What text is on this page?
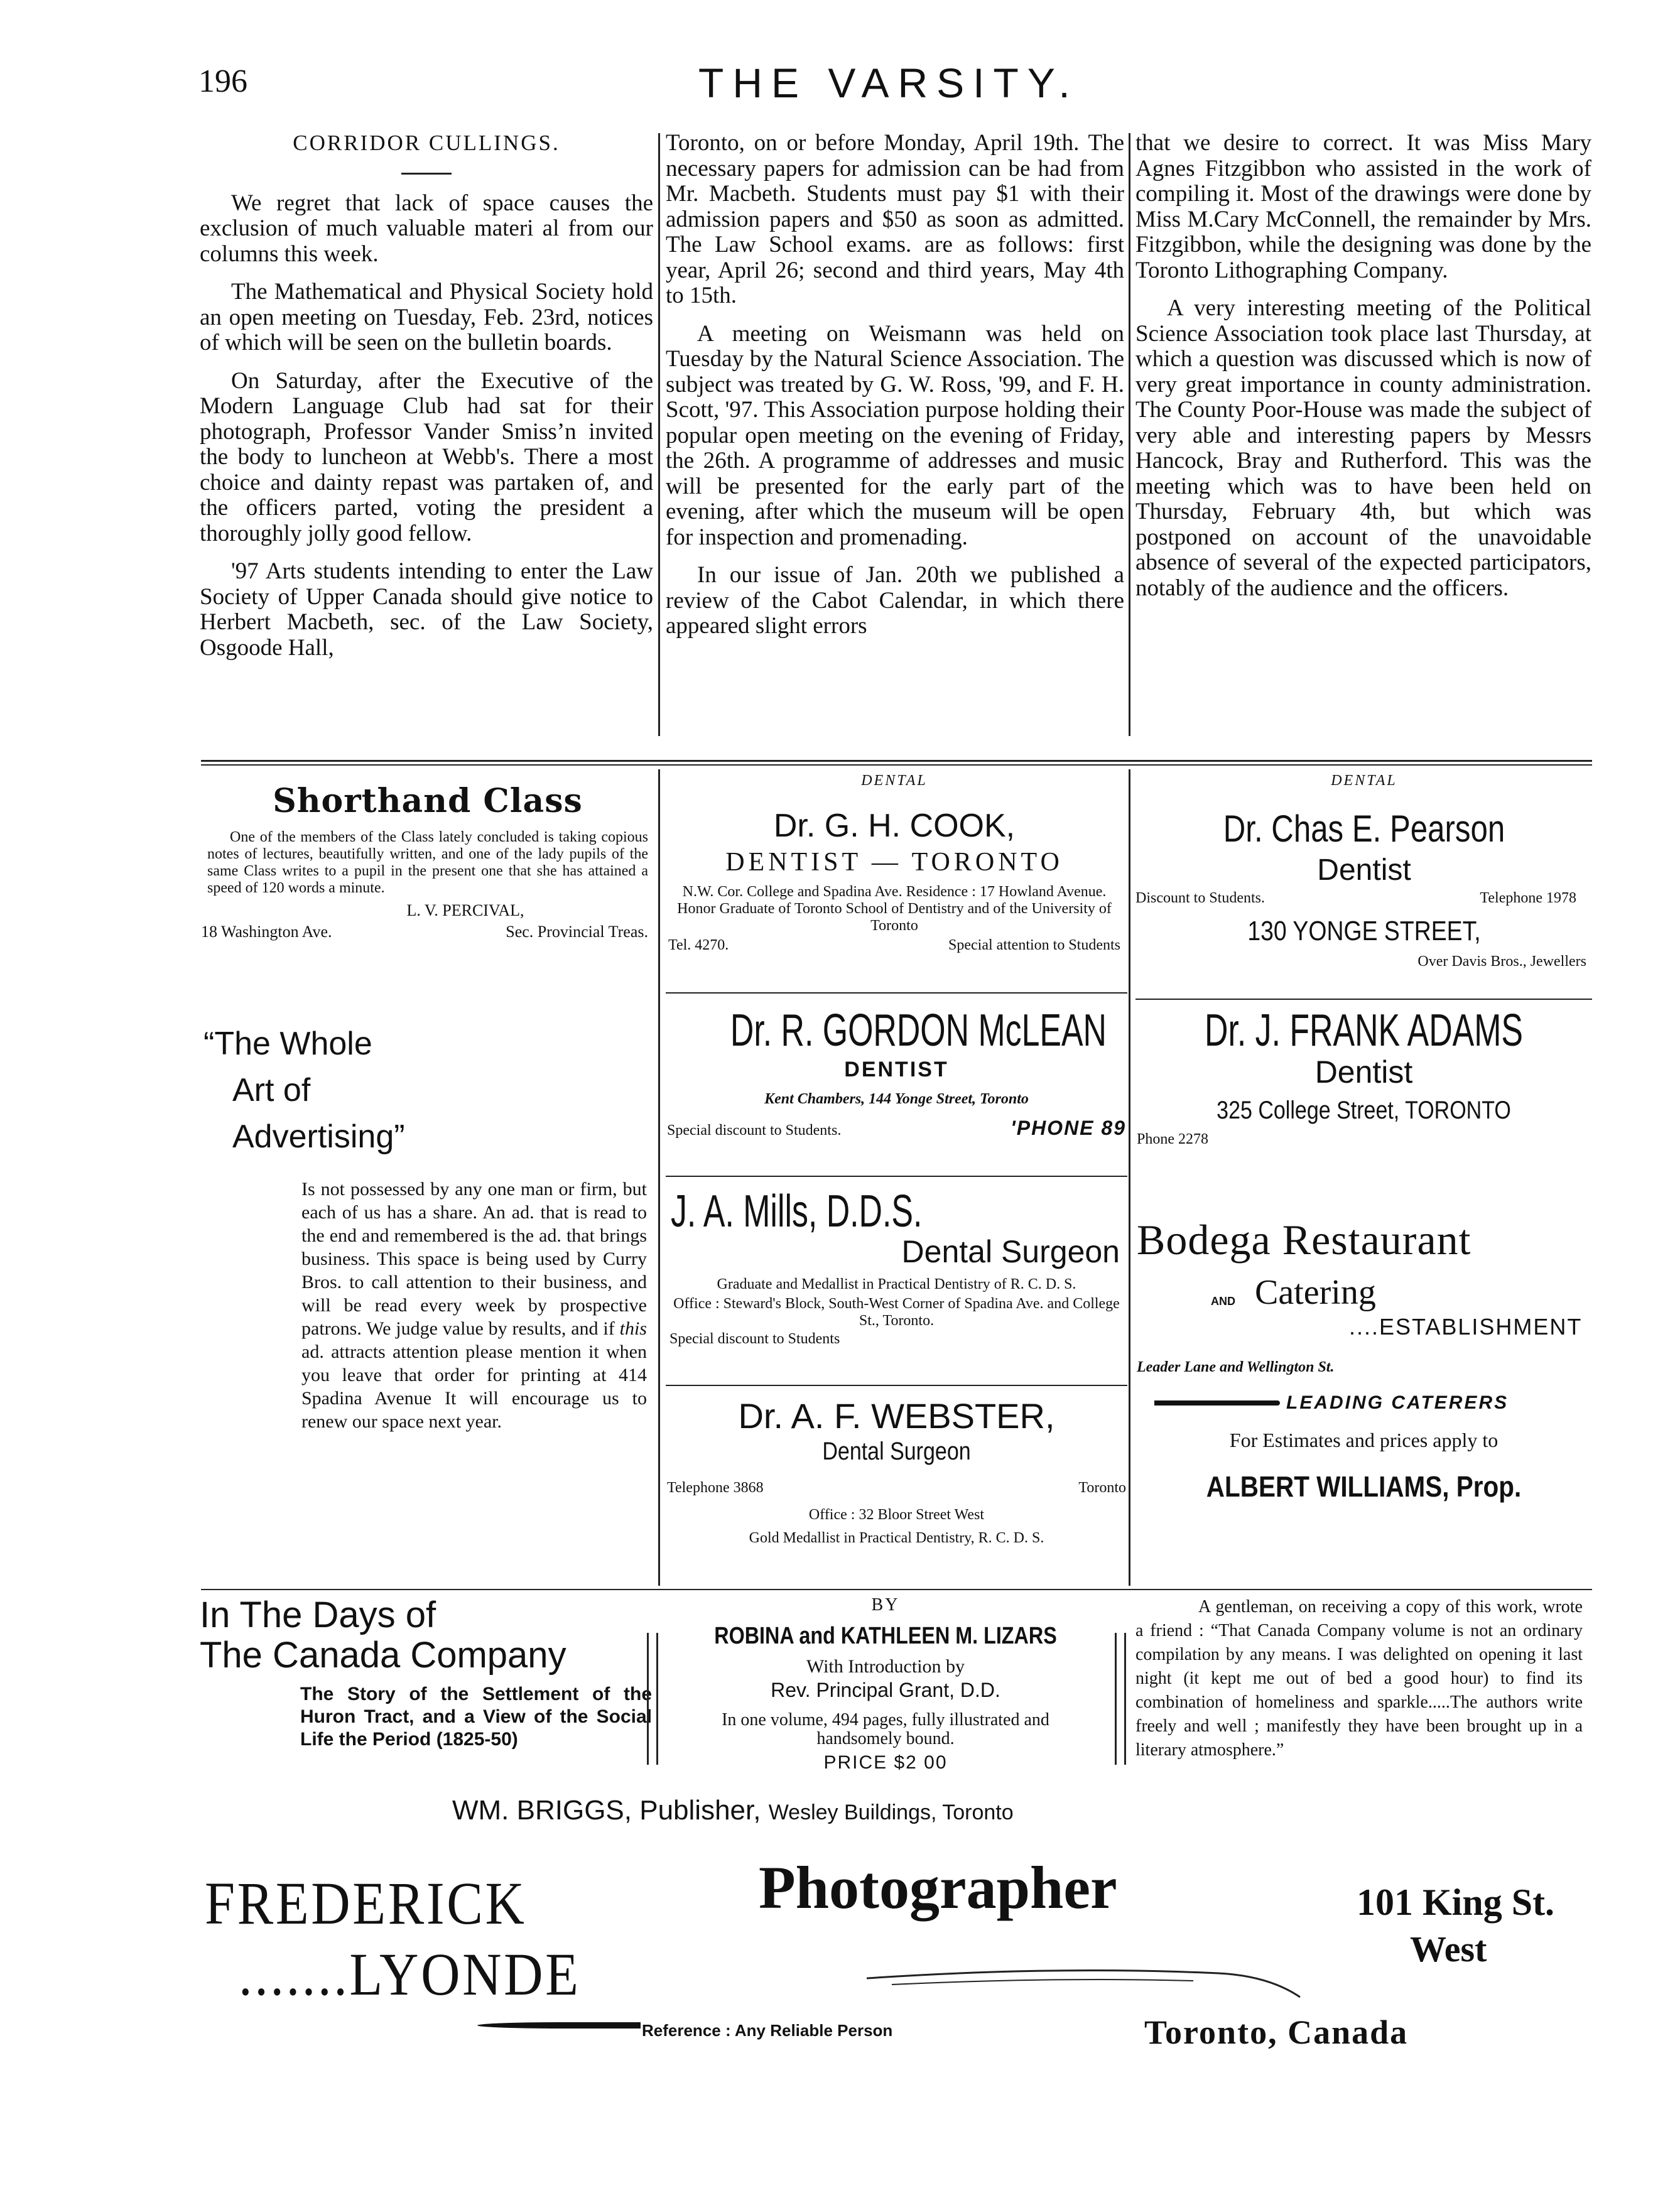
196	THE VARSITY.
CORRIDOR CULLINGS.

We regret that lack of space causes the exclusion of much valuable materi al from our columns this week.

The Mathematical and Physical Society hold an open meeting on Tuesday, Feb. 23rd, notices of which will be seen on the bulletin boards.

On Saturday, after the Executive of the Modern Language Club had sat for their photograph, Professor Vander Smiss’n invited the body to luncheon at Webb's. There a most choice and dainty repast was partaken of, and the officers parted, voting the president a thoroughly jolly good fellow.

'97 Arts students intending to enter the Law Society of Upper Canada should give notice to Herbert Macbeth, sec. of the Law Society, Osgoode Hall,

Toronto, on or before Monday, April 19th. The necessary papers for admission can be had from Mr. Macbeth. Students must pay $1 with their admission papers and $50 as soon as admitted. The Law School exams. are as follows: first year, April 26; second and third years, May 4th to 15th.

A meeting on Weismann was held on Tuesday by the Natural Science Association. The subject was treated by G. W. Ross, '99, and F. H. Scott, '97. This Association purpose holding their popular open meeting on the evening of Friday, the 26th. A programme of addresses and music will be presented for the early part of the evening, after which the museum will be open for inspection and promenading.

In our issue of Jan. 20th we published a review of the Cabot Calendar, in which there appeared slight errors

that we desire to correct. It was Miss Mary Agnes Fitzgibbon who assisted in the work of compiling it. Most of the drawings were done by Miss M.Cary McConnell, the remainder by Mrs. Fitzgibbon, while the designing was done by the Toronto Lithographing Company.

A very interesting meeting of the Political Science Association took place last Thursday, at which a question was discussed which is now of very great importance in county administration. The County Poor-House was made the subject of very able and interesting papers by Messrs Hancock, Bray and Rutherford. This was the meeting which was to have been held on Thursday, February 4th, but which was postponed on account of the unavoidable absence of several of the expected participators, notably of the audience and the officers.

Shorthand Class
One of the members of the Class lately concluded is taking copious notes of lectures, beautifully written, and one of the lady pupils of the same Class writes to a pupil in the present one that she has attained a speed of 120 words a minute.
L. V. PERCIVAL,
18 Washington Ave.	Sec. Provincial Treas.
DENTAL
Dr. G. H. COOK,
DENTIST — TORONTO
N.W. Cor. College and Spadina Ave. Residence : 17 Howland Avenue.
Honor Graduate of Toronto School of Dentistry and of the University of Toronto
Tel. 4270.	Special attention to Students
DENTAL
Dr. Chas E. Pearson
Dentist
Discount to Students.	Telephone 1978
130 YONGE STREET,
Over Davis Bros., Jewellers
“The Whole
Art of
Advertising”
Is not possessed by any one man or firm, but each of us has a share. An ad. that is read to the end and remembered is the ad. that brings business. This space is being used by Curry Bros. to call attention to their business, and will be read every week by prospective patrons. We judge value by results, and if this ad. attracts attention please mention it when you leave that order for printing at 414 Spadina Avenue It will encourage us to renew our space next year.
Dr. R. GORDON McLEAN
DENTIST
Kent Chambers, 144 Yonge Street, Toronto
Special discount to Students.	'PHONE 89
Dr. J. FRANK ADAMS
Dentist
325 College Street, TORONTO
Phone 2278
J. A. Mills, D.D.S.
Dental Surgeon
Graduate and Medallist in Practical Dentistry of R. C. D. S.
Office : Steward's Block, South-West Corner of Spadina Ave. and College St., Toronto.
Special discount to Students
Bodega Restaurant
AND Catering
....ESTABLISHMENT
Leader Lane and Wellington St.
LEADING CATERERS
For Estimates and prices apply to
ALBERT WILLIAMS, Prop.
Dr. A. F. WEBSTER,
Dental Surgeon
Telephone 3868	Toronto
Office : 32 Bloor Street West
Gold Medallist in Practical Dentistry, R. C. D. S.
In The Days of
The Canada Company
The Story of the Settlement of the Huron Tract, and a View of the Social Life the Period (1825-50)
BY
ROBINA and KATHLEEN M. LIZARS
With Introduction by
Rev. Principal Grant, D.D.
In one volume, 494 pages, fully illustrated and handsomely bound.
PRICE $2 00
A gentleman, on receiving a copy of this work, wrote a friend : “That Canada Company volume is not an ordinary compilation by any means. I was delighted on opening it last night (it kept me out of bed a good hour) to find its combination of homeliness and sparkle.....The authors write freely and well ; manifestly they have been brought up in a literary atmosphere.”
WM. BRIGGS, Publisher, Wesley Buildings, Toronto
FREDERICK
.......LYONDE
Photographer
Reference : Any Reliable Person
101 King St.
West
Toronto, Canada
